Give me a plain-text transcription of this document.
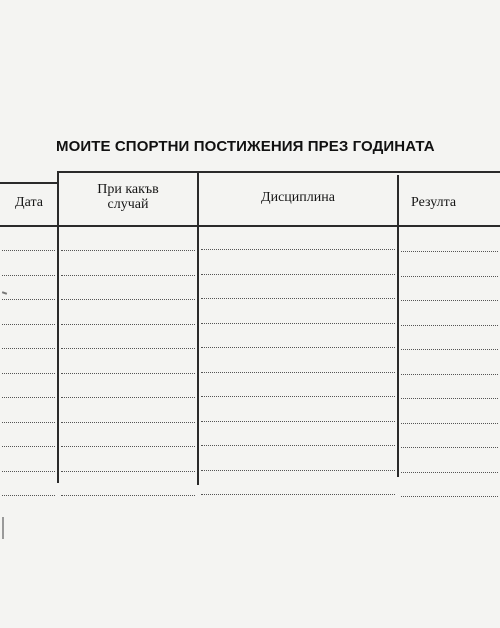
МОИТЕ СПОРТНИ ПОСТИЖЕНИЯ ПРЕЗ ГОДИНАТА
Дата
При какъв
случай	Дисциплина	Резулта
